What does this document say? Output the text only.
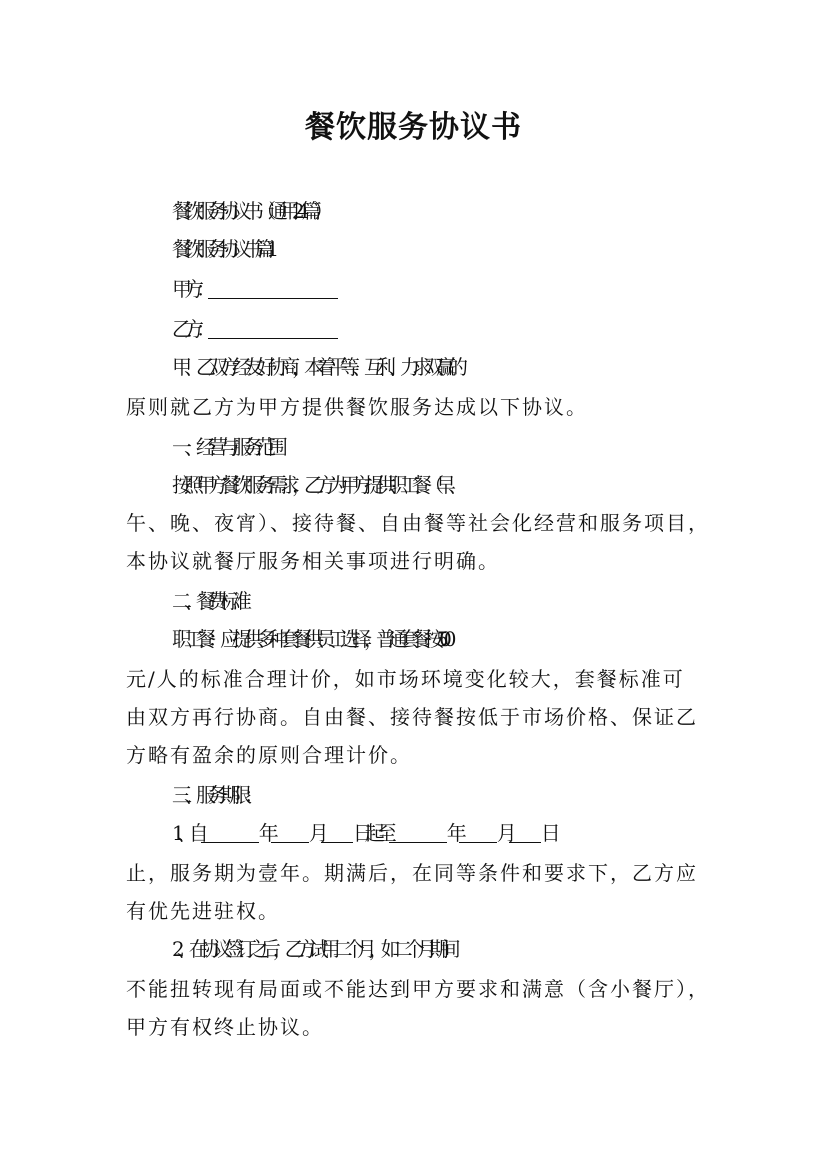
餐饮服务协议书
餐饮服务协议书（通用24篇）
餐饮服务协议书 篇1
甲方：
乙方：
甲、乙双方经友好协商，本着平等、互利、力求双赢的
原则就乙方为甲方提供餐饮服务达成以下协议。
一、经营与服务范围
按照甲方餐饮服务需求，乙方为甲方提供职工餐（早、
午、晚、夜宵）、接待餐、自由餐等社会化经营和服务项目，
本协议就餐厅服务相关事项进行明确。
二、餐费标准
职工餐：应提供多种套餐供员工选择，普通套餐按5.00
元/人的标准合理计价，如市场环境变化较大，套餐标准可
由双方再行协商。自由餐、接待餐按低于市场价格、保证乙
方略有盈余的原则合理计价。
三、服务期限：
1、自	年 月 日起至	年 月 日
止，服务期为壹年。期满后，在同等条件和要求下，乙方应
有优先进驻权。
2、在协议签订之后，乙方试用二个月，如二个月期间
不能扭转现有局面或不能达到甲方要求和满意（含小餐厅），
甲方有权终止协议。
